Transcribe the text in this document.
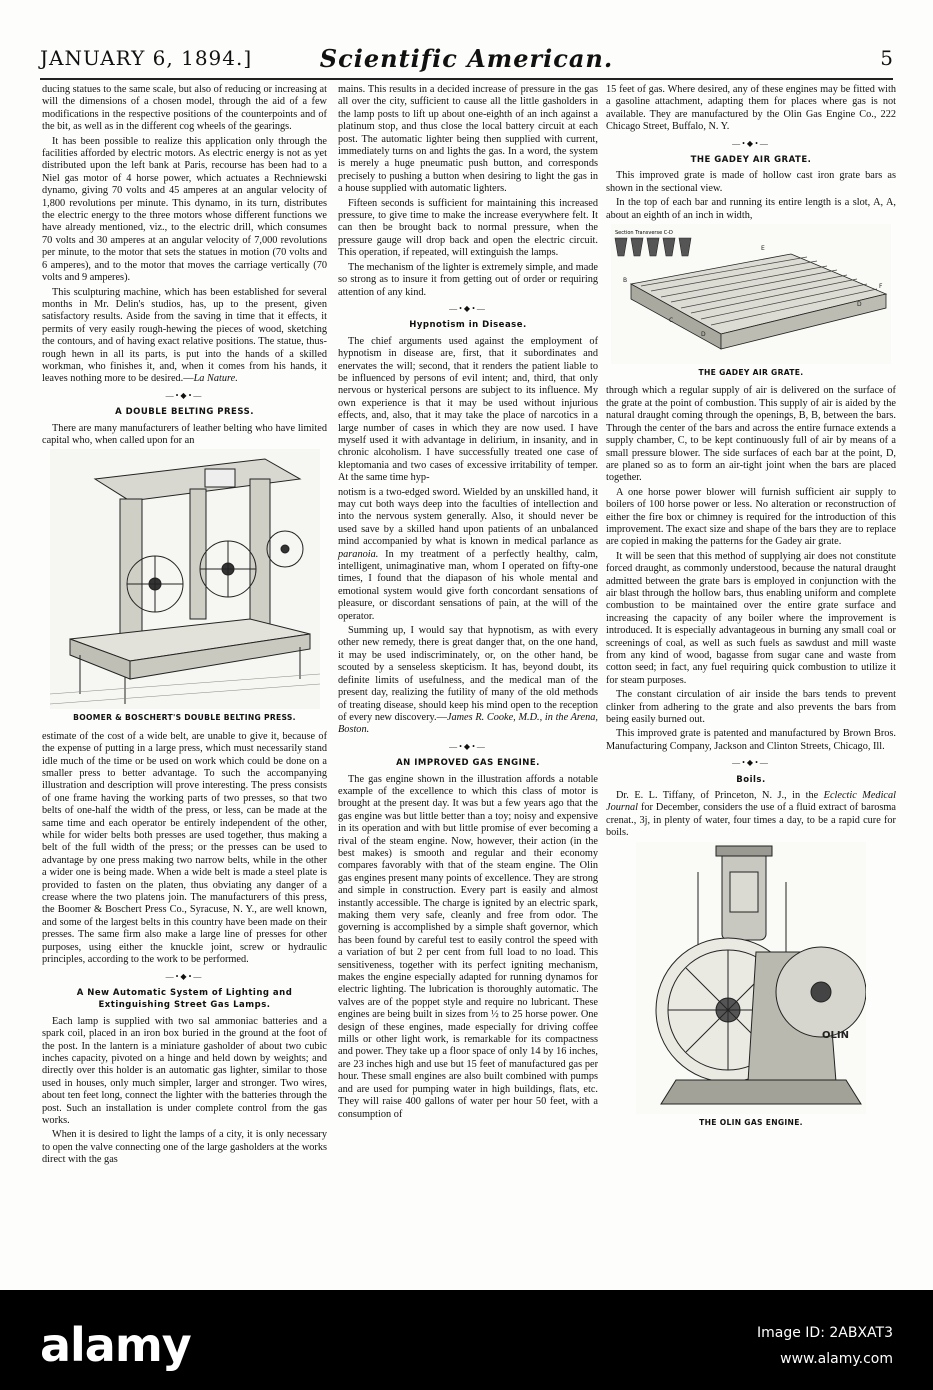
JANUARY 6, 1894.]	Scientific American.	5

ducing statues to the same scale, but also of reducing or increasing at will the dimensions of a chosen model, through the aid of a few modifications in the respective positions of the counterpoints and of the bit, as well as in the different cog wheels of the gearings.

It has been possible to realize this application only through the facilities afforded by electric motors. As electric energy is not as yet distributed upon the left bank at Paris, recourse has been had to a Niel gas motor of 4 horse power, which actuates a Rechniewski dynamo, giving 70 volts and 45 amperes at an angular velocity of 1,800 revolutions per minute. This dynamo, in its turn, distributes the electric energy to the three motors whose different functions we have already mentioned, viz., to the electric drill, which consumes 70 volts and 30 amperes at an angular velocity of 7,000 revolutions per minute, to the motor that sets the statues in motion (70 volts and 6 amperes), and to the motor that moves the carriage vertically (70 volts and 9 amperes).

This sculpturing machine, which has been established for several months in Mr. Delin's studios, has, up to the present, given satisfactory results. Aside from the saving in time that it effects, it permits of very easily rough-hewing the pieces of wood, sketching the contours, and of having exact relative positions. The statue, thus-rough hewn in all its parts, is put into the hands of a skilled workman, who finishes it, and, when it comes from his hands, it leaves nothing more to be desired.—La Nature.

—•◆•—
A DOUBLE BELTING PRESS.

There are many manufacturers of leather belting who have limited capital who, when called upon for an

BOOMER & BOSCHERT'S DOUBLE BELTING PRESS.

estimate of the cost of a wide belt, are unable to give it, because of the expense of putting in a large press, which must necessarily stand idle much of the time or be used on work which could be done on a smaller press to better advantage. To such the accompanying illustration and description will prove interesting. The press consists of one frame having the working parts of two presses, so that two belts of one-half the width of the press, or less, can be made at the same time and each operator be entirely independent of the other, while for wider belts both presses are used together, thus making a belt of the full width of the press; or the presses can be used to advantage by one press making two narrow belts, while in the other a wider one is being made. When a wide belt is made a steel plate is provided to fasten on the platen, thus obviating any danger of a crease where the two platens join. The manufacturers of this press, the Boomer & Boschert Press Co., Syracuse, N. Y., are well known, and some of the largest belts in this country have been made on their presses. The same firm also make a large line of presses for other purposes, using either the knuckle joint, screw or hydraulic principles, according to the work to be performed.

—•◆•—
A New Automatic System of Lighting and Extinguishing Street Gas Lamps.

Each lamp is supplied with two sal ammoniac batteries and a spark coil, placed in an iron box buried in the ground at the foot of the post. In the lantern is a miniature gasholder of about two cubic inches capacity, pivoted on a hinge and held down by weights; and directly over this holder is an automatic gas lighter, similar to those used in houses, only much simpler, larger and stronger. Two wires, about ten feet long, connect the lighter with the batteries through the post. Such an installation is under complete control from the gas works.

When it is desired to light the lamps of a city, it is only necessary to open the valve connecting one of the large gasholders at the works direct with the gas

mains. This results in a decided increase of pressure in the gas all over the city, sufficient to cause all the little gasholders in the lamp posts to lift up about one-eighth of an inch against a platinum stop, and thus close the local battery circuit at each post. The automatic lighter being then supplied with current, immediately turns on and lights the gas. In a word, the system is merely a huge pneumatic push button, and corresponds precisely to pushing a button when desiring to light the gas in a house supplied with automatic lighters.

Fifteen seconds is sufficient for maintaining this increased pressure, to give time to make the increase everywhere felt. It can then be brought back to normal pressure, when the pressure gauge will drop back and open the electric circuit. This operation, if repeated, will extinguish the lamps.

The mechanism of the lighter is extremely simple, and made so strong as to insure it from getting out of order or requiring attention of any kind.

—•◆•—
Hypnotism in Disease.

The chief arguments used against the employment of hypnotism in disease are, first, that it subordinates and enervates the will; second, that it renders the patient liable to be influenced by persons of evil intent; and, third, that only nervous or hysterical persons are subject to its influence. My own experience is that it may be used without injurious effects, and, also, that it may take the place of narcotics in a large number of cases in which they are now used. I have myself used it with advantage in delirium, in insanity, and in chronic alcoholism. I have successfully treated one case of kleptomania and two cases of excessive irritability of temper. At the same time hyp-

notism is a two-edged sword. Wielded by an unskilled hand, it may cut both ways deep into the faculties of intellection and into the nervous system generally. Also, it should never be used save by a skilled hand upon patients of an unbalanced mind accompanied by what is known in medical parlance as paranoia. In my treatment of a perfectly healthy, calm, intelligent, unimaginative man, whom I operated on fifty-one times, I found that the diapason of his whole mental and emotional system would give forth concordant sensations of pleasure, or discordant sensations of pain, at the will of the operator.

Summing up, I would say that hypnotism, as with every other new remedy, there is great danger that, on the one hand, it may be used indiscriminately, or, on the other hand, be scouted by a senseless skepticism. It has, beyond doubt, its definite limits of usefulness, and the medical man of the present day, realizing the futility of many of the old methods of treating disease, should keep his mind open to the reception of every new discovery.—James R. Cooke, M.D., in the Arena, Boston.

—•◆•—
AN IMPROVED GAS ENGINE.

The gas engine shown in the illustration affords a notable example of the excellence to which this class of motor is brought at the present day. It was but a few years ago that the gas engine was but little better than a toy; noisy and expensive in its operation and with but little promise of ever becoming a rival of the steam engine. Now, however, their action (in the best makes) is smooth and regular and their economy compares favorably with that of the steam engine. The Olin gas engines present many points of excellence. They are strong and simple in construction. Every part is easily and almost instantly accessible. The charge is ignited by an electric spark, making them very safe, cleanly and free from odor. The governing is accomplished by a simple shaft governor, which has been found by careful test to easily control the speed with a variation of but 2 per cent from full load to no load. This sensitiveness, together with its perfect igniting mechanism, makes the engine especially adapted for running dynamos for electric lighting. The lubrication is thoroughly automatic. The valves are of the poppet style and require no lubricant. These engines are being built in sizes from ½ to 25 horse power. One design of these engines, made especially for driving coffee mills or other light work, is remarkable for its compactness and power. They take up a floor space of only 14 by 16 inches, are 23 inches high and use but 15 feet of manufactured gas per hour. These small engines are also built combined with pumps and are used for pumping water in high buildings, flats, etc. They will raise 400 gallons of water per hour 50 feet, with a consumption of

15 feet of gas. Where desired, any of these engines may be fitted with a gasoline attachment, adapting them for places where gas is not available. They are manufactured by the Olin Gas Engine Co., 222 Chicago Street, Buffalo, N. Y.

—•◆•—
THE GADEY AIR GRATE.

This improved grate is made of hollow cast iron grate bars as shown in the sectional view.

In the top of each bar and running its entire length is a slot, A, A, about an eighth of an inch in width,

Section Transverse C-D
B
E
C
D
D
F
THE GADEY AIR GRATE.

through which a regular supply of air is delivered on the surface of the grate at the point of combustion. This supply of air is aided by the natural draught coming through the openings, B, B, between the bars. Through the center of the bars and across the entire furnace extends a supply chamber, C, to be kept continuously full of air by means of a small pressure blower. The side surfaces of each bar at the point, D, are planed so as to form an air-tight joint when the bars are placed together.

A one horse power blower will furnish sufficient air supply to boilers of 100 horse power or less. No alteration or reconstruction of either the fire box or chimney is required for the introduction of this improvement. The exact size and shape of the bars they are to replace are copied in making the patterns for the Gadey air grate.

It will be seen that this method of supplying air does not constitute forced draught, as commonly understood, because the natural draught admitted between the grate bars is employed in conjunction with the air blast through the hollow bars, thus enabling uniform and complete combustion to be maintained over the entire grate surface and increasing the capacity of any boiler where the improvement is introduced. It is especially advantageous in burning any small coal or screenings of coal, as well as such fuels as sawdust and mill waste from any kind of wood, bagasse from sugar cane and waste from cotton seed; in fact, any fuel requiring quick combustion to utilize it for steam purposes.

The constant circulation of air inside the bars tends to prevent clinker from adhering to the grate and also prevents the bars from being easily burned out.

This improved grate is patented and manufactured by Brown Bros. Manufacturing Company, Jackson and Clinton Streets, Chicago, Ill.

—•◆•—
Boils.

Dr. E. L. Tiffany, of Princeton, N. J., in the Eclectic Medical Journal for December, considers the use of a fluid extract of barosma crenat., 3j, in plenty of water, four times a day, to be a rapid cure for boils.

OLIN
THE OLIN GAS ENGINE.
alamy	Image ID: 2ABXAT3
www.alamy.com
